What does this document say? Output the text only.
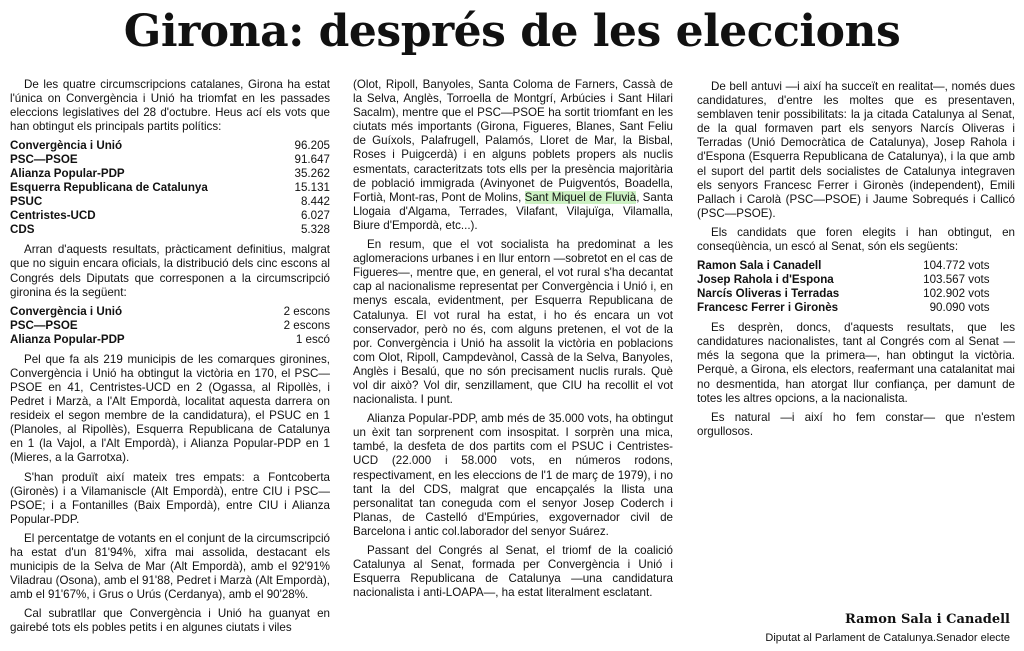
Girona: després de les eleccions

De les quatre circumscripcions catalanes, Girona ha estat l'única on Convergència i Unió ha triomfat en les passades eleccions legislatives del 28 d'octubre. Heus ací els vots que han obtingut els principals partits polítics:

Convergència i Unió	96.205
PSC—PSOE	91.647
Alianza Popular-PDP	35.262
Esquerra Republicana de Catalunya	15.131
PSUC	8.442
Centristes-UCD	6.027
CDS	5.328

Arran d'aquests resultats, pràcticament definitius, malgrat que no siguin encara oficials, la distribució dels cinc escons al Congrés dels Diputats que corresponen a la circumscripció gironina és la següent:

Convergència i Unió	2 escons
PSC—PSOE	2 escons
Alianza Popular-PDP	1 escó

Pel que fa als 219 municipis de les comarques gironines, Convergència i Unió ha obtingut la victòria en 170, el PSC—PSOE en 41, Centristes-UCD en 2 (Ogassa, al Ripollès, i Pedret i Marzà, a l'Alt Empordà, localitat aquesta darrera on resideix el segon membre de la candidatura), el PSUC en 1 (Planoles, al Ripollès), Esquerra Republicana de Catalunya en 1 (la Vajol, a l'Alt Empordà), i Alianza Popular-PDP en 1 (Mieres, a la Garrotxa).

S'han produït així mateix tres empats: a Fontcoberta (Gironès) i a Vilamaniscle (Alt Empordà), entre CIU i PSC—PSOE; i a Fontanilles (Baix Empordà), entre CIU i Alianza Popular-PDP.

El percentatge de votants en el conjunt de la circumscripció ha estat d'un 81'94%, xifra mai assolida, destacant els municipis de la Selva de Mar (Alt Empordà), amb el 92'91% Viladrau (Osona), amb el 91'88, Pedret i Marzà (Alt Empordà), amb el 91'67%, i Grus o Urús (Cerdanya), amb el 90'28%.

Cal subratllar que Convergència i Unió ha guanyat en gairebé tots els pobles petits i en algunes ciutats i viles

(Olot, Ripoll, Banyoles, Santa Coloma de Farners, Cassà de la Selva, Anglès, Torroella de Montgrí, Arbúcies i Sant Hilari Sacalm), mentre que el PSC—PSOE ha sortit triomfant en les ciutats més importants (Girona, Figueres, Blanes, Sant Feliu de Guíxols, Palafrugell, Palamós, Lloret de Mar, la Bisbal, Roses i Puigcerdà) i en alguns poblets propers als nuclis esmentats, caracteritzats tots ells per la presència majoritària de població immigrada (Avinyonet de Puigventós, Boadella, Fortià, Mont-ras, Pont de Molins, Sant Miquel de Fluvià, Santa Llogaia d'Algama, Terrades, Vilafant, Vilajuïga, Vilamalla, Biure d'Empordà, etc...).

En resum, que el vot socialista ha predominat a les aglomeracions urbanes i en llur entorn —sobretot en el cas de Figueres—, mentre que, en general, el vot rural s'ha decantat cap al nacionalisme representat per Convergència i Unió i, en menys escala, evidentment, per Esquerra Republicana de Catalunya. El vot rural ha estat, i ho és encara un vot conservador, però no és, com alguns pretenen, el vot de la por. Convergència i Unió ha assolit la victòria en poblacions com Olot, Ripoll, Campdevànol, Cassà de la Selva, Banyoles, Anglès i Besalú, que no són precisament nuclis rurals. Què vol dir això? Vol dir, senzillament, que CIU ha recollit el vot nacionalista. I punt.

Alianza Popular-PDP, amb més de 35.000 vots, ha obtingut un èxit tan sorprenent com insospitat. I sorprèn una mica, també, la desfeta de dos partits com el PSUC i Centristes-UCD (22.000 i 58.000 vots, en números rodons, respectivament, en les eleccions de l'1 de març de 1979), i no tant la del CDS, malgrat que encapçalés la llista una personalitat tan coneguda com el senyor Josep Coderch i Planas, de Castelló d'Empúries, exgovernador civil de Barcelona i antic col.laborador del senyor Suárez.

Passant del Congrés al Senat, el triomf de la coalició Catalunya al Senat, formada per Convergència i Unió i Esquerra Republicana de Catalunya —una candidatura nacionalista i anti-LOAPA—, ha estat literalment esclatant.

De bell antuvi —i així ha succeït en realitat—, només dues candidatures, d'entre les moltes que es presentaven, semblaven tenir possibilitats: la ja citada Catalunya al Senat, de la qual formaven part els senyors Narcís Oliveras i Terradas (Unió Democràtica de Catalunya), Josep Rahola i d'Espona (Esquerra Republicana de Catalunya), i la que amb el suport del partit dels socialistes de Catalunya integraven els senyors Francesc Ferrer i Gironès (independent), Emili Pallach i Carolà (PSC—PSOE) i Jaume Sobrequés i Callicó (PSC—PSOE).

Els candidats que foren elegits i han obtingut, en conseqüència, un escó al Senat, són els següents:

Ramon Sala i Canadell	104.772 vots
Josep Rahola i d'Espona	103.567 vots
Narcís Oliveras i Terradas	102.902 vots
Francesc Ferrer i Gironès	90.090 vots

Es desprèn, doncs, d'aquests resultats, que les candidatures nacionalistes, tant al Congrés com al Senat —més la segona que la primera—, han obtingut la victòria. Perquè, a Girona, els electors, reafermant una catalanitat mai no desmentida, han atorgat llur confiança, per damunt de totes les altres opcions, a la nacionalista.

Es natural —i així ho fem constar— que n'estem orgullosos.

Ramon Sala i Canadell
Diputat al Parlament de Catalunya.Senador electe
